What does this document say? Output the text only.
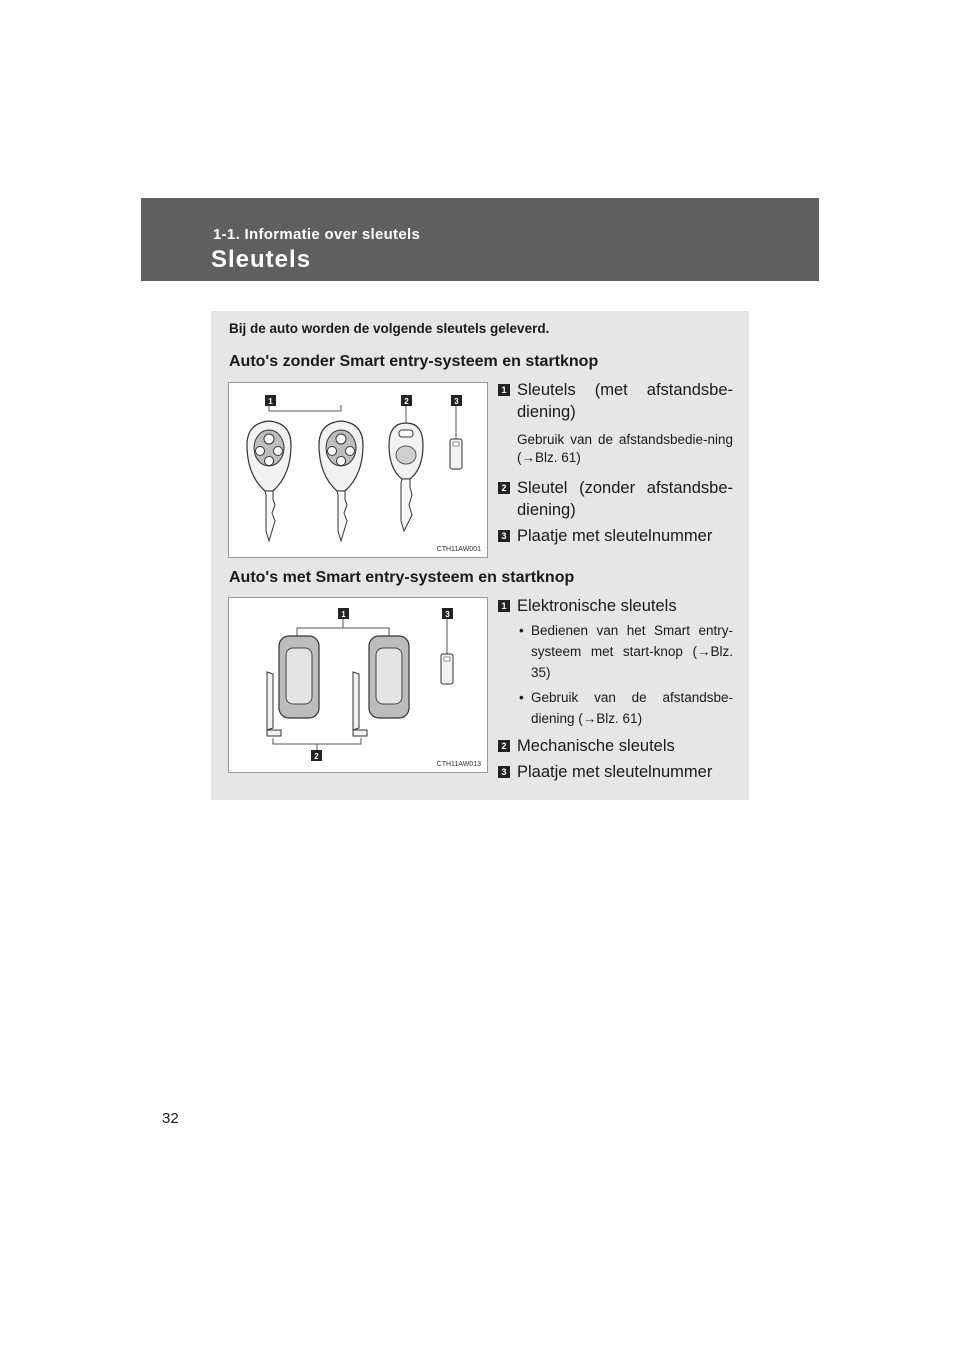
1-1. Informatie over sleutels
Sleutels
Bij de auto worden de volgende sleutels geleverd.
Auto's zonder Smart entry-systeem en startknop
1	2	3
CTH11AW001
1 Sleutels (met afstandsbe-diening)
Gebruik van de afstandsbedie-ning (→Blz. 61)
2 Sleutel (zonder afstandsbe-diening)
3 Plaatje met sleutelnummer
Auto's met Smart entry-systeem en startknop
1	3
2
CTH11AW013
1 Elektronische sleutels
• Bedienen van het Smart entry-systeem met start-knop (→Blz. 35)
• Gebruik van de afstandsbe-diening (→Blz. 61)
2 Mechanische sleutels
3 Plaatje met sleutelnummer
32
